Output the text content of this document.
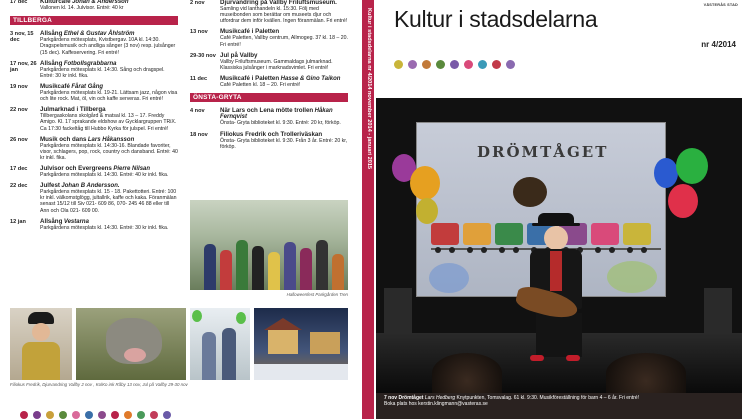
17 dec	Kulturcafé Johan & Andersson
Vallonen kl. 14. Julvisor. Entré: 40 kr
TILLBERGA
3 nov, 15 dec
Allsång Ethel & Gustav Åhlström
Parkgårdens mötesplats, Kvistbergav. 10A kl. 14:30. Dragspelsmusik och andliga sånger (3 nov) resp. julsånger (15 dec). Kaffeservering. Fri entré!
17 nov, 26 jan
Allsång Fotbollsgrabbarna
Parkgårdens mötesplats kl. 14:30. Sång och dragspel. Entré: 30 kr inkl. fika.
19 nov	Musikcafé Fårat Gång
Parkgårdens mötesplats kl. 19-21. Lättsam jazz, någon visa och lite rock. Mat, öl, vin och kaffe serveras. Fri entré!
22 nov	Julmarknad i Tillberga
Tillbergaskolans skolgård & matsal kl. 13 – 17. Freddy Amigo. Kl. 17 sprakande eldshow av Gycklargruppen TRiX. Ca 17:30 fackeltåg till Hubbo Kyrka för julspel. Fri entré!
26 nov	Musik och dans Lars Håkansson
Parkgårdens mötesplats kl. 14:30-16. Blandade favoriter, visor, schlagers, pop, rock, country och dansband. Entré: 40 kr inkl. fika.
17 dec	Julvisor och Evergreens Pierre Nilsan
Parkgårdens mötesplats kl. 14:30. Entré: 40 kr inkl. fika.
22 dec	Julfest Johan B Andersson.
Parkgårdens mötesplats kl. 15 - 18. Pakettotteri. Entré: 100 kr inkl. välkomstglögg, jultallrik, kaffe och kaka. Föranmälan senast 15/12 till Siv 021- 609 86, 070- 245 46 88 eller till Ann och Ola 021- 609 00.
12 jan	Allsång Vestarna
Parkgårdens mötesplats kl. 14:30. Entré: 30 kr inkl. fika.
2 nov	Djurvandring på Vallby Friluftsmuseum.
Samling vid lanthandeln kl. 15:30. Följ med museibonden som berättar om museets djur och utfordrar dem inför kvällen. Ingen föranmälan. Fri entré!
13 nov	Musikcafé i Paletten
Café Paletten, Vallby centrum, Allmogeg. 37 kl. 18 – 20. Fri entré!
29-30 nov Jul på Vallby
Vallby Friluftsmuseum. Gammaldags julmarknad. Klassiska julsånger i marknadsvimlet. Fri entré!
11 dec	Musikcafé i Paletten Hasse & Gino Taikon
Café Paletten kl. 18 – 20. Fri entré!
ÖNSTA-GRYTA
4 nov	När Lars och Lena mötte trollen Håkan Fernqvist
Önsta- Gryta biblioteket kl. 9:30. Entré: 20 kr, förköp.
18 nov	Filiokus Fredrik och Trolleriväskan
Önsta- Gryta biblioteket kl. 9:30. Från 3 år. Entré: 20 kr, förköp.
Halloweenfest Parkgården Tren
Filiokus Fredrik, Djurvandring Vallby 2 nov , KolKo ink Råby 13 nov, Jul på Vallby 29-30 nov
Kultur i stadsdelarna nr 4/2014 november 2014 - januari 2015
VÄSTERÅS STAD
Kultur i stadsdelarna
nr 4/2014
DRÖMTÅGET
7 nov Drömtåget Lars Hedberg Knytpunkten, Tomsvalag. 61 kl. 9:30. Musikföreställning för barn 4 – 6 år. Fri entré!
Boka plats hos kerstin.klingmann@vasteras.se
